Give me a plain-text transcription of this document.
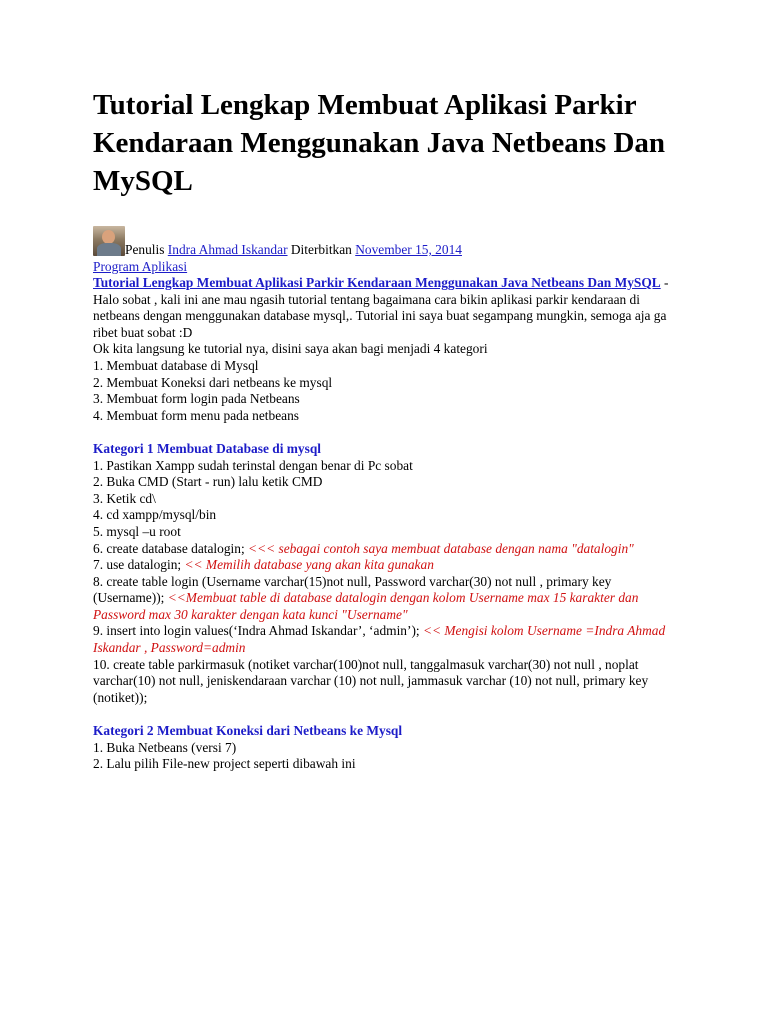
Tutorial Lengkap Membuat Aplikasi Parkir Kendaraan Menggunakan Java Netbeans Dan MySQL
Penulis Indra Ahmad Iskandar Diterbitkan November 15, 2014
Program Aplikasi
Tutorial Lengkap Membuat Aplikasi Parkir Kendaraan Menggunakan Java Netbeans Dan MySQL - Halo sobat , kali ini ane mau ngasih tutorial tentang bagaimana cara bikin aplikasi parkir kendaraan di netbeans dengan menggunakan database mysql,. Tutorial ini saya buat segampang mungkin, semoga aja ga ribet buat sobat :D
Ok kita langsung ke tutorial nya, disini saya akan bagi menjadi 4 kategori
1. Membuat database di Mysql
2. Membuat Koneksi dari netbeans ke mysql
3. Membuat form login pada Netbeans
4. Membuat form menu pada netbeans
Kategori 1 Membuat Database di mysql
1. Pastikan Xampp sudah terinstal dengan benar di Pc sobat
2. Buka CMD (Start - run) lalu ketik CMD
3. Ketik cd\
4. cd xampp/mysql/bin
5. mysql –u root
6. create database datalogin; <<< sebagai contoh saya membuat database dengan nama "datalogin"
7. use datalogin; << Memilih database yang akan kita gunakan
8. create table login (Username varchar(15)not null, Password varchar(30) not null , primary key (Username)); <<Membuat table di database datalogin dengan kolom Username max 15 karakter dan Password max 30 karakter dengan kata kunci "Username"
9. insert into login values(‘Indra Ahmad Iskandar’, ‘admin’); << Mengisi kolom Username =Indra Ahmad Iskandar , Password=admin
10. create table parkirmasuk (notiket varchar(100)not null, tanggalmasuk varchar(30) not null , noplat varchar(10) not null, jeniskendaraan varchar (10) not null, jammasuk varchar (10) not null, primary key (notiket));
Kategori 2 Membuat Koneksi dari Netbeans ke Mysql
1. Buka Netbeans (versi 7)
2. Lalu pilih File-new project seperti dibawah ini
